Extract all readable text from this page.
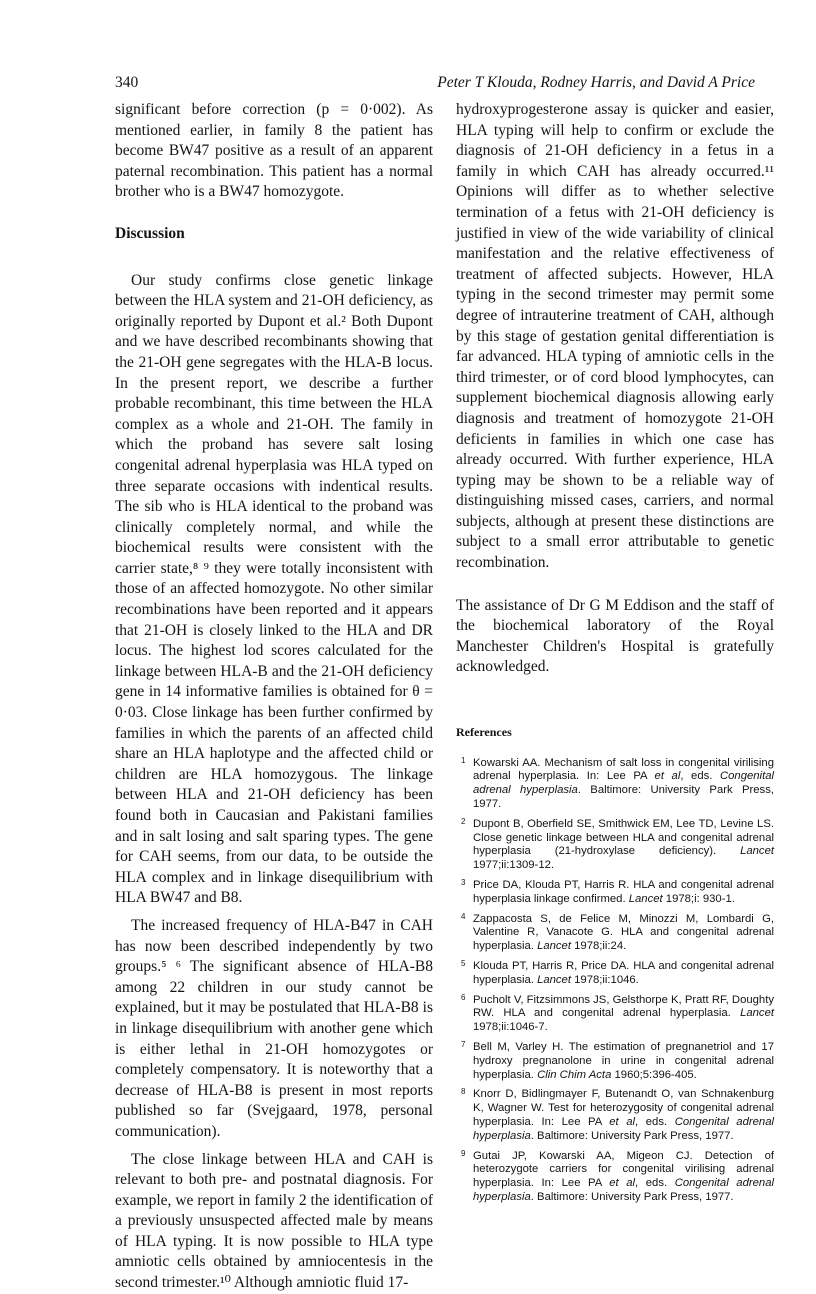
340	Peter T Klouda, Rodney Harris, and David A Price

significant before correction (p = 0·002). As mentioned earlier, in family 8 the patient has become BW47 positive as a result of an apparent paternal recombination. This patient has a normal brother who is a BW47 homozygote.

Discussion

Our study confirms close genetic linkage between the HLA system and 21-OH deficiency, as originally reported by Dupont et al.² Both Dupont and we have described recombinants showing that the 21-OH gene segregates with the HLA-B locus. In the present report, we describe a further probable recombinant, this time between the HLA complex as a whole and 21-OH. The family in which the proband has severe salt losing congenital adrenal hyperplasia was HLA typed on three separate occasions with indentical results. The sib who is HLA identical to the proband was clinically completely normal, and while the biochemical results were consistent with the carrier state,⁸ ⁹ they were totally inconsistent with those of an affected homozygote. No other similar recombinations have been reported and it appears that 21-OH is closely linked to the HLA and DR locus. The highest lod scores calculated for the linkage between HLA-B and the 21-OH deficiency gene in 14 informative families is obtained for θ = 0·03. Close linkage has been further confirmed by families in which the parents of an affected child share an HLA haplotype and the affected child or children are HLA homozygous. The linkage between HLA and 21-OH deficiency has been found both in Caucasian and Pakistani families and in salt losing and salt sparing types. The gene for CAH seems, from our data, to be outside the HLA complex and in linkage disequilibrium with HLA BW47 and B8.

The increased frequency of HLA-B47 in CAH has now been described independently by two groups.⁵ ⁶ The significant absence of HLA-B8 among 22 children in our study cannot be explained, but it may be postulated that HLA-B8 is in linkage disequilibrium with another gene which is either lethal in 21-OH homozygotes or completely compensatory. It is noteworthy that a decrease of HLA-B8 is present in most reports published so far (Svejgaard, 1978, personal communication).

The close linkage between HLA and CAH is relevant to both pre- and postnatal diagnosis. For example, we report in family 2 the identification of a previously unsuspected affected male by means of HLA typing. It is now possible to HLA type amniotic cells obtained by amniocentesis in the second trimester.¹⁰ Although amniotic fluid 17-

hydroxyprogesterone assay is quicker and easier, HLA typing will help to confirm or exclude the diagnosis of 21-OH deficiency in a fetus in a family in which CAH has already occurred.¹¹ Opinions will differ as to whether selective termination of a fetus with 21-OH deficiency is justified in view of the wide variability of clinical manifestation and the relative effectiveness of treatment of affected subjects. However, HLA typing in the second trimester may permit some degree of intrauterine treatment of CAH, although by this stage of gestation genital differentiation is far advanced. HLA typing of amniotic cells in the third trimester, or of cord blood lymphocytes, can supplement biochemical diagnosis allowing early diagnosis and treatment of homozygote 21-OH deficients in families in which one case has already occurred. With further experience, HLA typing may be shown to be a reliable way of distinguishing missed cases, carriers, and normal subjects, although at present these distinctions are subject to a small error attributable to genetic recombination.

The assistance of Dr G M Eddison and the staff of the biochemical laboratory of the Royal Manchester Children's Hospital is gratefully acknowledged.

References
1 Kowarski AA. Mechanism of salt loss in congenital virilising adrenal hyperplasia. In: Lee PA et al, eds. Congenital adrenal hyperplasia. Baltimore: University Park Press, 1977.
2 Dupont B, Oberfield SE, Smithwick EM, Lee TD, Levine LS. Close genetic linkage between HLA and congenital adrenal hyperplasia (21-hydroxylase deficiency). Lancet 1977;ii:1309-12.
3 Price DA, Klouda PT, Harris R. HLA and congenital adrenal hyperplasia linkage confirmed. Lancet 1978;i: 930-1.
4 Zappacosta S, de Felice M, Minozzi M, Lombardi G, Valentine R, Vanacote G. HLA and congenital adrenal hyperplasia. Lancet 1978;ii:24.
5 Klouda PT, Harris R, Price DA. HLA and congenital adrenal hyperplasia. Lancet 1978;ii:1046.
6 Pucholt V, Fitzsimmons JS, Gelsthorpe K, Pratt RF, Doughty RW. HLA and congenital adrenal hyperplasia. Lancet 1978;ii:1046-7.
7 Bell M, Varley H. The estimation of pregnanetriol and 17 hydroxy pregnanolone in urine in congenital adrenal hyperplasia. Clin Chim Acta 1960;5:396-405.
8 Knorr D, Bidlingmayer F, Butenandt O, van Schnakenburg K, Wagner W. Test for heterozygosity of congenital adrenal hyperplasia. In: Lee PA et al, eds. Congenital adrenal hyperplasia. Baltimore: University Park Press, 1977.
9 Gutai JP, Kowarski AA, Migeon CJ. Detection of heterozygote carriers for congenital virilising adrenal hyperplasia. In: Lee PA et al, eds. Congenital adrenal hyperplasia. Baltimore: University Park Press, 1977.
